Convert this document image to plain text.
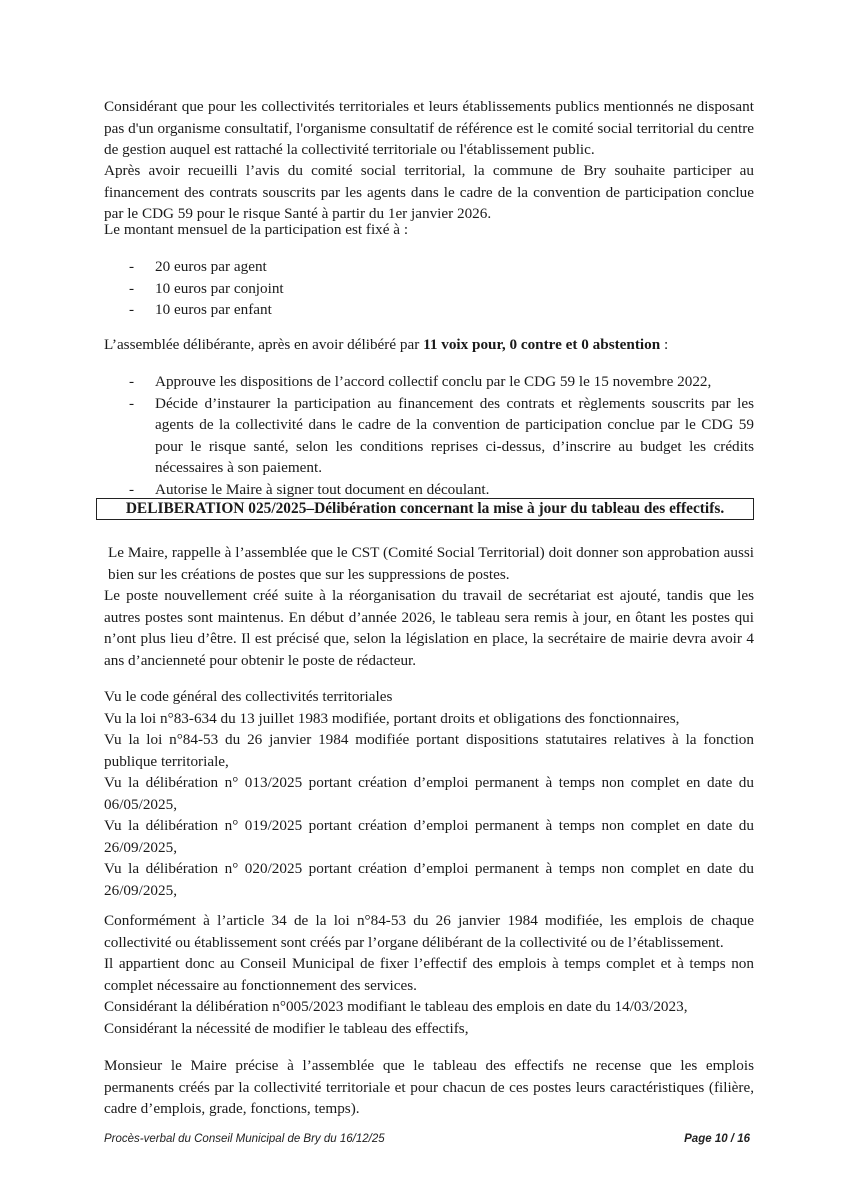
Considérant que pour les collectivités territoriales et leurs établissements publics mentionnés ne disposant pas d'un organisme consultatif, l'organisme consultatif de référence est le comité social territorial du centre de gestion auquel est rattaché la collectivité territoriale ou l'établissement public.

Après avoir recueilli l’avis du comité social territorial, la commune de Bry souhaite participer au financement des contrats souscrits par les agents dans le cadre de la convention de participation conclue par le CDG 59 pour le risque Santé à partir du 1er janvier 2026.

Le montant mensuel de la participation est fixé à :

- 20 euros par agent
- 10 euros par conjoint
- 10 euros par enfant

L’assemblée délibérante, après en avoir délibéré par 11 voix pour, 0 contre et 0 abstention :

- Approuve les dispositions de l’accord collectif conclu par le CDG 59 le 15 novembre 2022,
- Décide d’instaurer la participation au financement des contrats et règlements souscrits par les agents de la collectivité dans le cadre de la convention de participation conclue par le CDG 59 pour le risque santé, selon les conditions reprises ci-dessus, d’inscrire au budget les crédits nécessaires à son paiement.
- Autorise le Maire à signer tout document en découlant.
DELIBERATION 025/2025–Délibération concernant la mise à jour du tableau des effectifs.

Le Maire, rappelle à l’assemblée que le CST (Comité Social Territorial) doit donner son approbation aussi bien sur les créations de postes que sur les suppressions de postes.

Le poste nouvellement créé suite à la réorganisation du travail de secrétariat est ajouté, tandis que les autres postes sont maintenus. En début d’année 2026, le tableau sera remis à jour, en ôtant les postes qui n’ont plus lieu d’être. Il est précisé que, selon la législation en place, la secrétaire de mairie devra avoir 4 ans d’ancienneté pour obtenir le poste de rédacteur.

Vu le code général des collectivités territoriales

Vu la loi n°83-634 du 13 juillet 1983 modifiée, portant droits et obligations des fonctionnaires,

Vu la loi n°84-53 du 26 janvier 1984 modifiée portant dispositions statutaires relatives à la fonction publique territoriale,

Vu la délibération n° 013/2025 portant création d’emploi permanent à temps non complet en date du 06/05/2025,

Vu la délibération n° 019/2025 portant création d’emploi permanent à temps non complet en date du 26/09/2025,

Vu la délibération n° 020/2025 portant création d’emploi permanent à temps non complet en date du 26/09/2025,

Conformément à l’article 34 de la loi n°84-53 du 26 janvier 1984 modifiée, les emplois de chaque collectivité ou établissement sont créés par l’organe délibérant de la collectivité ou de l’établissement.

Il appartient donc au Conseil Municipal de fixer l’effectif des emplois à temps complet et à temps non complet nécessaire au fonctionnement des services.

Considérant la délibération n°005/2023 modifiant le tableau des emplois en date du 14/03/2023,

Considérant la nécessité de modifier le tableau des effectifs,

Monsieur le Maire précise à l’assemblée que le tableau des effectifs ne recense que les emplois permanents créés par la collectivité territoriale et pour chacun de ces postes leurs caractéristiques (filière, cadre d’emplois, grade, fonctions, temps).

Procès-verbal du Conseil Municipal de Bry du 16/12/25	Page 10 / 16
